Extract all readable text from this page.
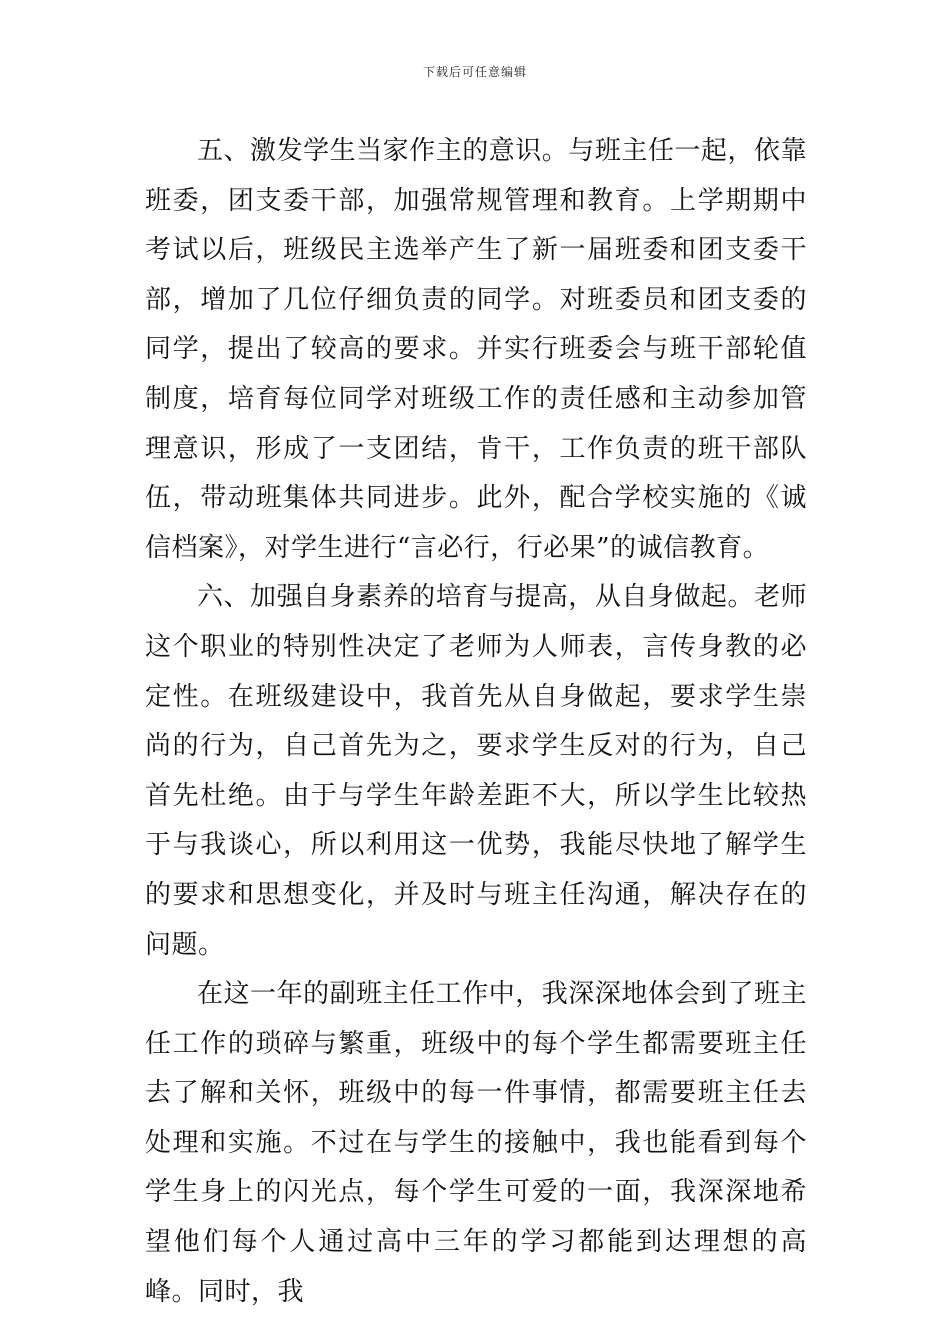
下载后可任意编辑

五、激发学生当家作主的意识。与班主任一起，依靠班委，团支委干部，加强常规管理和教育。上学期期中考试以后，班级民主选举产生了新一届班委和团支委干部，增加了几位仔细负责的同学。对班委员和团支委的同学，提出了较高的要求。并实行班委会与班干部轮值制度，培育每位同学对班级工作的责任感和主动参加管理意识，形成了一支团结，肯干，工作负责的班干部队伍，带动班集体共同进步。此外，配合学校实施的《诚信档案》，对学生进行“言必行，行必果”的诚信教育。

六、加强自身素养的培育与提高，从自身做起。老师这个职业的特别性决定了老师为人师表，言传身教的必定性。在班级建设中，我首先从自身做起，要求学生崇尚的行为，自己首先为之，要求学生反对的行为，自己首先杜绝。由于与学生年龄差距不大，所以学生比较热于与我谈心，所以利用这一优势，我能尽快地了解学生的要求和思想变化，并及时与班主任沟通，解决存在的问题。

在这一年的副班主任工作中，我深深地体会到了班主任工作的琐碎与繁重，班级中的每个学生都需要班主任去了解和关怀，班级中的每一件事情，都需要班主任去处理和实施。不过在与学生的接触中，我也能看到每个学生身上的闪光点，每个学生可爱的一面，我深深地希望他们每个人通过高中三年的学习都能到达理想的高峰。同时，我
